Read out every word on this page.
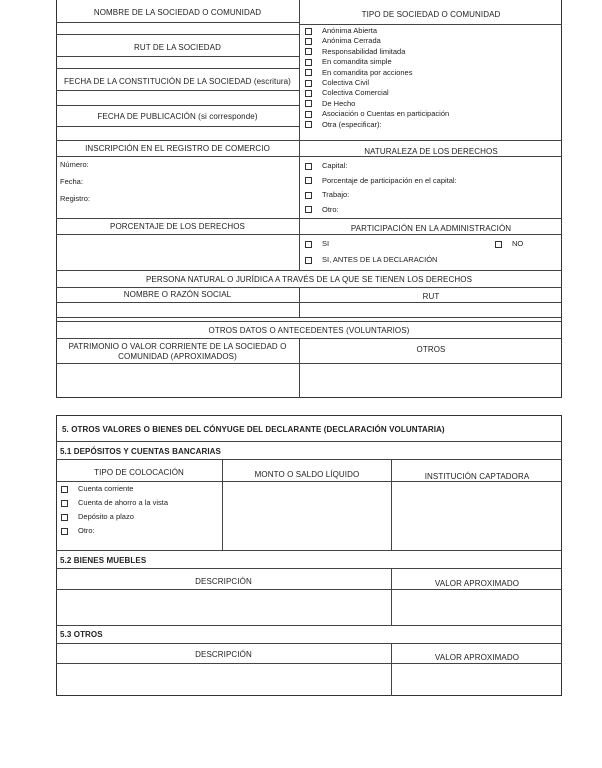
NOMBRE DE LA SOCIEDAD O COMUNIDAD
RUT DE LA SOCIEDAD
FECHA DE LA CONSTITUCIÓN DE LA SOCIEDAD (escritura)
FECHA DE PUBLICACIÓN (si corresponde)
TIPO DE SOCIEDAD O COMUNIDAD
Anónima Abierta
Anónima Cerrada
Responsabilidad limitada
En comandita simple
En comandita por acciones
Colectiva Civil
Colectiva Comercial
De Hecho
Asociación o Cuentas en participación
Otra (especificar):
INSCRIPCIÓN EN EL REGISTRO DE COMERCIO
Número:
Fecha:
Registro:
NATURALEZA DE LOS DERECHOS
Capital:
Porcentaje de participación en el capital:
Trabajo:
Otro:
PORCENTAJE DE LOS DERECHOS	PARTICIPACIÓN EN LA ADMINISTRACIÓN
SI	NO
SI, ANTES DE LA DECLARACIÓN
PERSONA NATURAL O JURÍDICA A TRAVÉS DE LA QUE SE TIENEN LOS DERECHOS
NOMBRE O RAZÓN SOCIAL	RUT
OTROS DATOS O ANTECEDENTES (VOLUNTARIOS)
PATRIMONIO O VALOR CORRIENTE DE LA SOCIEDAD O
COMUNIDAD (APROXIMADOS)
OTROS
5. OTROS VALORES O BIENES DEL CÓNYUGE DEL DECLARANTE (DECLARACIÓN VOLUNTARIA)
5.1 DEPÓSITOS Y CUENTAS BANCARIAS
TIPO DE COLOCACIÓN	MONTO O SALDO LÍQUIDO	INSTITUCIÓN CAPTADORA
Cuenta corriente
Cuenta de ahorro a la vista
Depósito a plazo
Otro:
5.2 BIENES MUEBLES
DESCRIPCIÓN	VALOR APROXIMADO
5.3 OTROS
DESCRIPCIÓN	VALOR APROXIMADO
